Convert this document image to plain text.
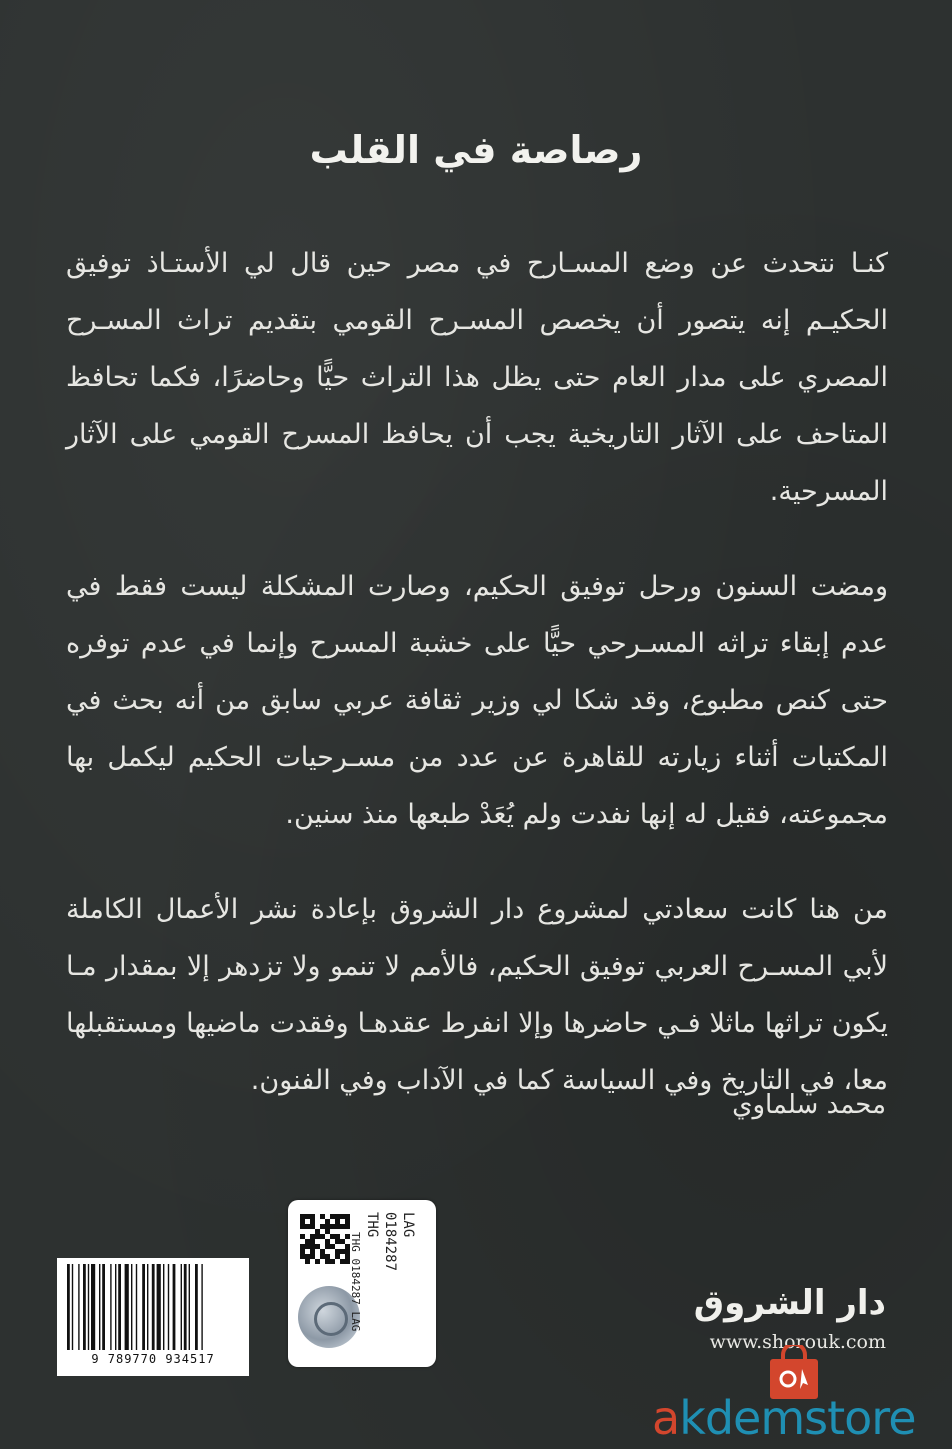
رصاصة في القلب

كنـا نتحدث عن وضع المسـارح في مصر حين قال لي الأستـاذ توفيق الحكيـم إنه يتصور أن يخصص المسـرح القومي بتقديم تراث المسـرح المصري على مدار العام حتى يظل هذا التراث حيًّا وحاضرًا، فكما تحافظ المتاحف على الآثار التاريخية يجب أن يحافظ المسرح القومي على الآثار المسرحية.

ومضت السنون ورحل توفيق الحكيم، وصارت المشكلة ليست فقط في عدم إبقاء تراثه المسـرحي حيًّا على خشبة المسرح وإنما في عدم توفره حتى كنص مطبوع، وقد شكا لي وزير ثقافة عربي سابق من أنه بحث في المكتبات أثناء زيارته للقاهرة عن عدد من مسـرحيات الحكيم ليكمل بها مجموعته، فقيل له إنها نفدت ولم يُعَدْ طبعها منذ سنين.

من هنا كانت سعادتي لمشروع دار الشروق بإعادة نشر الأعمال الكاملة لأبي المسـرح العربي توفيق الحكيم، فالأمم لا تنمو ولا تزدهر إلا بمقدار مـا يكون تراثها ماثلا فـي حاضرها وإلا انفرط عقدهـا وفقدت ماضيها ومستقبلها معا، في التاريخ وفي السياسة كما في الآداب وفي الفنون.

محمد سلماوي

9 789770 934517
THG 0184287 LAG
THG 0184287 LAG	دار الشروق

www.shorouk.com

akdemstore
